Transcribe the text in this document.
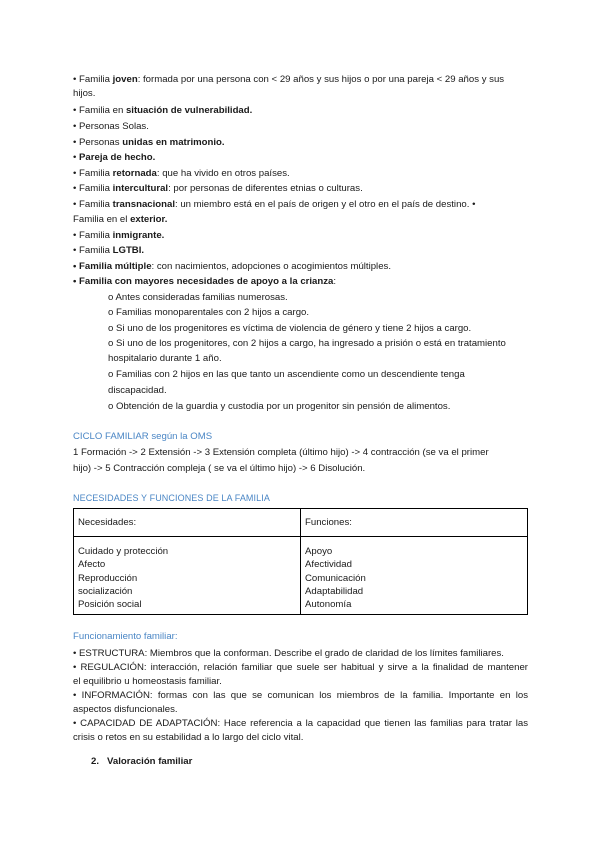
• Familia joven: formada por una persona con < 29 años y sus hijos o por una pareja < 29 años y sus
hijos.
• Familia en situación de vulnerabilidad.
• Personas Solas.
• Personas unidas en matrimonio.
• Pareja de hecho.
• Familia retornada: que ha vivido en otros países.
• Familia intercultural: por personas de diferentes etnias o culturas.
• Familia transnacional: un miembro está en el país de origen y el otro en el país de destino. •
Familia en el exterior.
• Familia inmigrante.
• Familia LGTBI.
• Familia múltiple: con nacimientos, adopciones o acogimientos múltiples.
• Familia con mayores necesidades de apoyo a la crianza:
o Antes consideradas familias numerosas.
o Familias monoparentales con 2 hijos a cargo.
o Si uno de los progenitores es víctima de violencia de género y tiene 2 hijos a cargo.
o Si uno de los progenitores, con 2 hijos a cargo, ha ingresado a prisión o está en tratamiento
hospitalario durante 1 año.
o Familias con 2 hijos en las que tanto un ascendiente como un descendiente tenga
discapacidad.
o Obtención de la guardia y custodia por un progenitor sin pensión de alimentos.
CICLO FAMILIAR según la OMS
1 Formación -> 2 Extensión -> 3 Extensión completa (último hijo) -> 4 contracción (se va el primer
hijo) -> 5 Contracción compleja ( se va el último hijo) -> 6 Disolución.
NECESIDADES Y FUNCIONES DE LA FAMILIA
Necesidades:	Funciones:

Cuidado y protección
Afecto
Reproducción
socialización
Posición social	Apoyo
Afectividad
Comunicación
Adaptabilidad
Autonomía
Funcionamiento familiar:
• ESTRUCTURA: Miembros que la conforman. Describe el grado de claridad de los límites familiares.
• REGULACIÓN: interacción, relación familiar que suele ser habitual y sirve a la finalidad de mantener
el equilibrio u homeostasis familiar.
• INFORMACIÓN: formas con las que se comunican los miembros de la familia. Importante en los
aspectos disfuncionales.
• CAPACIDAD DE ADAPTACIÓN: Hace referencia a la capacidad que tienen las familias para tratar las
crisis o retos en su estabilidad a lo largo del ciclo vital.
2. Valoración familiar
